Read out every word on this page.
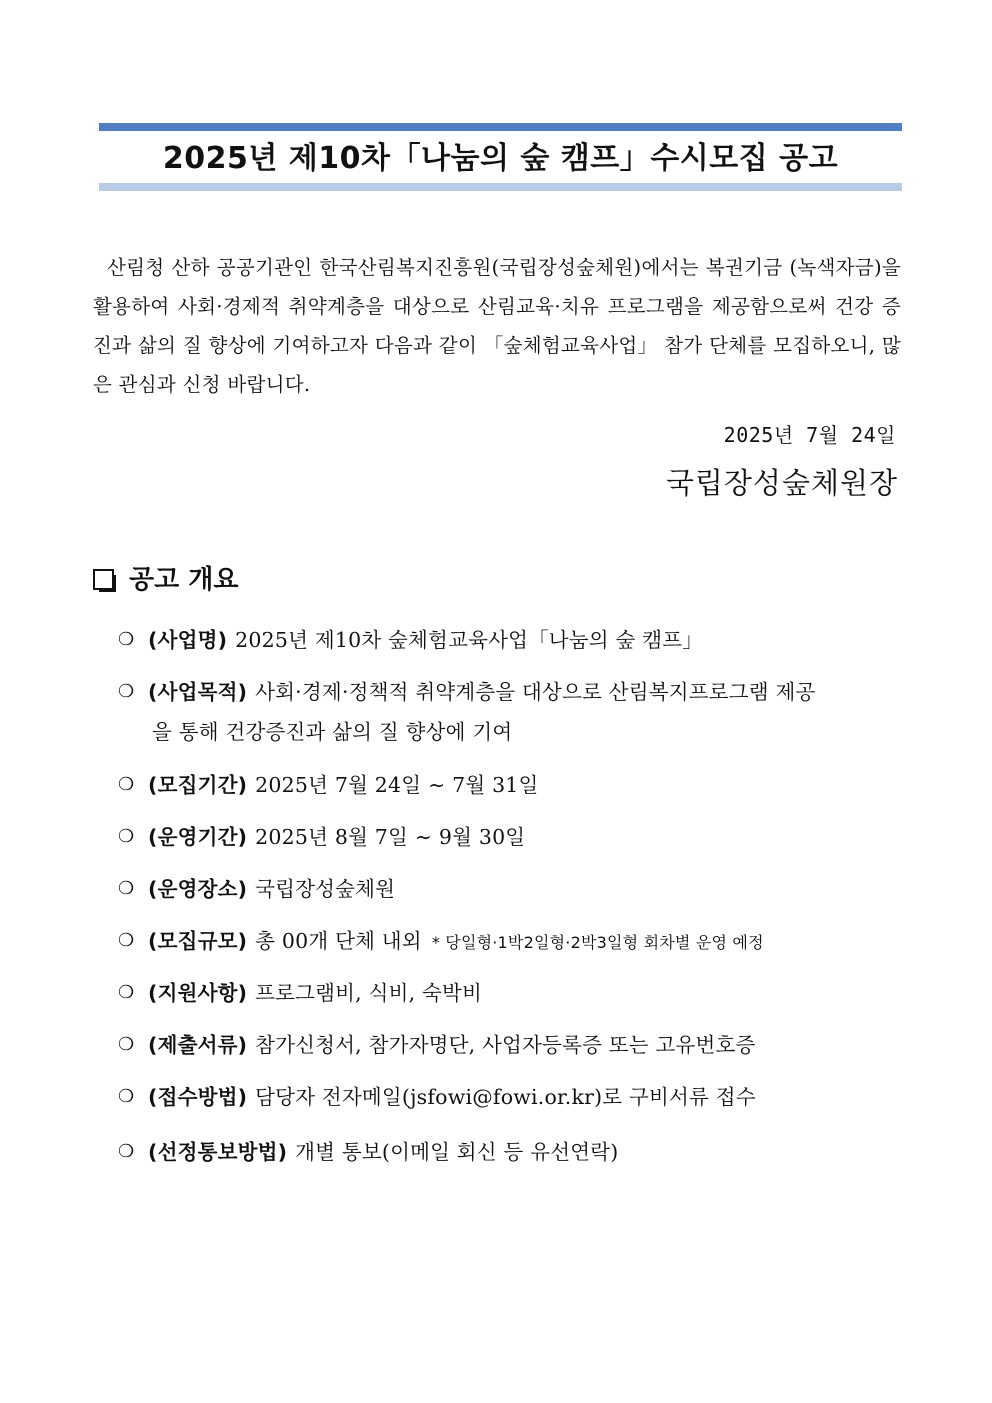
2025년 제10차「나눔의 숲 캠프」수시모집 공고

산림청 산하 공공기관인 한국산림복지진흥원(국립장성숲체원)에서는 복권기금 (녹색자금)을 활용하여 사회·경제적 취약계층을 대상으로 산림교육·치유 프로그램을 제공함으로써 건강 증진과 삶의 질 향상에 기여하고자 다음과 같이 「숲체험교육사업」 참가 단체를 모집하오니, 많은 관심과 신청 바랍니다.

2025년 7월 24일
국립장성숲체원장
공고 개요
❍ (사업명) 2025년 제10차 숲체험교육사업「나눔의 숲 캠프」
❍ (사업목적) 사회·경제·정책적 취약계층을 대상으로 산림복지프로그램 제공
을 통해 건강증진과 삶의 질 향상에 기여
❍ (모집기간) 2025년 7월 24일 ∼ 7월 31일
❍ (운영기간) 2025년 8월 7일 ∼ 9월 30일
❍ (운영장소) 국립장성숲체원
❍ (모집규모) 총 00개 단체 내외 * 당일형·1박2일형·2박3일형 회차별 운영 예정
❍ (지원사항) 프로그램비, 식비, 숙박비
❍ (제출서류) 참가신청서, 참가자명단, 사업자등록증 또는 고유번호증
❍ (접수방법) 담당자 전자메일(jsfowi@fowi.or.kr)로 구비서류 접수
❍ (선정통보방법) 개별 통보(이메일 회신 등 유선연락)
